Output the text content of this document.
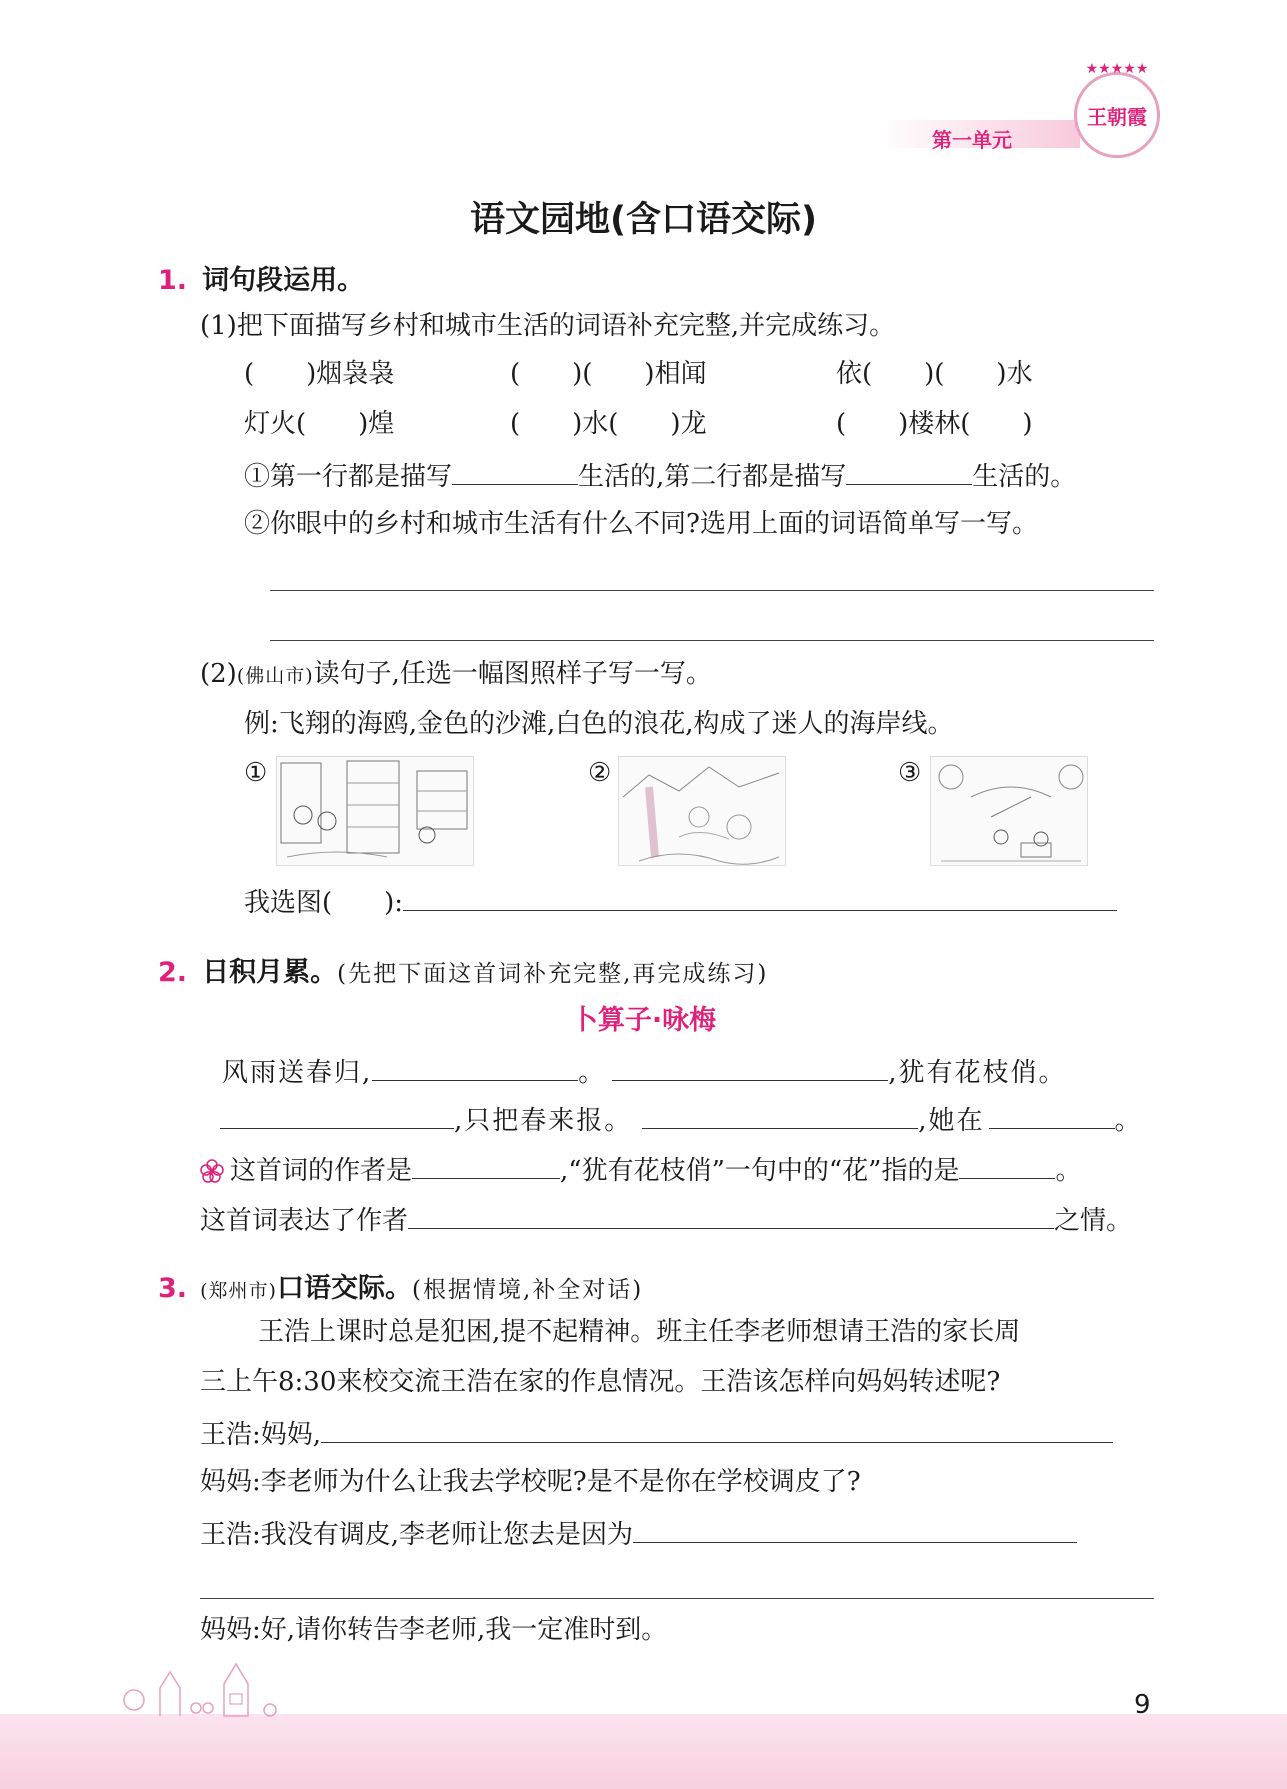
第一单元
★★★★★
王朝霞
语文园地(含口语交际)
1. 词句段运用。
(1)把下面描写乡村和城市生活的词语补充完整,并完成练习。
(　　)烟袅袅	(　　)(　　)相闻	依(　　)(　　)水
灯火(　　)煌	(　　)水(　　)龙	(　　)楼林(　　)
①第一行都是描写	生活的,第二行都是描写	生活的。
②你眼中的乡村和城市生活有什么不同?选用上面的词语简单写一写。
(2)(佛山市)读句子,任选一幅图照样子写一写。
例:飞翔的海鸥,金色的沙滩,白色的浪花,构成了迷人的海岸线。
①	②	③
我选图(　　):
2. 日积月累。(先把下面这首词补充完整,再完成练习)
卜算子·咏梅
风雨送春归,	。	,犹有花枝俏。
,只把春来报。	,她在	。
这首词的作者是	,“犹有花枝俏”一句中的“花”指的是	。
这首词表达了作者	之情。
3. (郑州市)口语交际。(根据情境,补全对话)
王浩上课时总是犯困,提不起精神。班主任李老师想请王浩的家长周
三上午8:30来校交流王浩在家的作息情况。王浩该怎样向妈妈转述呢?
王浩:妈妈,
妈妈:李老师为什么让我去学校呢?是不是你在学校调皮了?
王浩:我没有调皮,李老师让您去是因为
妈妈:好,请你转告李老师,我一定准时到。
9
